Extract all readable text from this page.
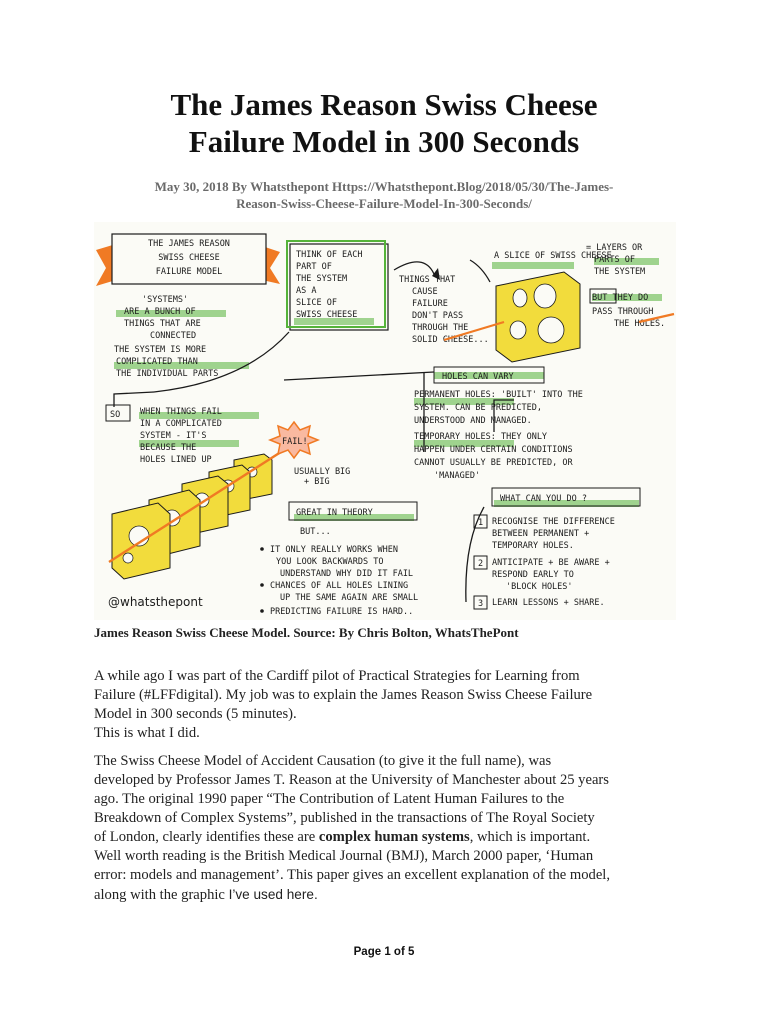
The James Reason Swiss Cheese
Failure Model in 300 Seconds
May 30, 2018 By Whatsthepont Https://Whatsthepont.Blog/2018/05/30/The-James-
Reason-Swiss-Cheese-Failure-Model-In-300-Seconds/
THE JAMES REASON
SWISS CHEESE
FAILURE MODEL
'SYSTEMS'
ARE A BUNCH OF
THINGS THAT ARE
CONNECTED
THE SYSTEM IS MORE
COMPLICATED THAN
THE INDIVIDUAL PARTS
THINK OF EACH
PART OF
THE SYSTEM
AS A
SLICE OF
SWISS CHEESE
THINGS THAT
CAUSE
FAILURE
DON'T PASS
THROUGH THE
SOLID CHEESE...
A SLICE OF SWISS CHEESE
= LAYERS OR
PARTS OF
THE SYSTEM
BUT THEY DO
PASS THROUGH
THE HOLES.
HOLES CAN VARY
PERMANENT HOLES: 'BUILT' INTO THE
SYSTEM. CAN BE PREDICTED,
UNDERSTOOD AND MANAGED.
TEMPORARY HOLES: THEY ONLY
HAPPEN UNDER CERTAIN CONDITIONS
CANNOT USUALLY BE PREDICTED, OR
'MANAGED'
SO WHEN THINGS FAIL
IN A COMPLICATED
SYSTEM - IT'S
BECAUSE THE
HOLES LINED UP
FAIL!
USUALLY BIG
+ BIG
GREAT IN THEORY
BUT...
IT ONLY REALLY WORKS WHEN
YOU LOOK BACKWARDS TO
UNDERSTAND WHY DID IT FAIL
CHANCES OF ALL HOLES LINING
UP THE SAME AGAIN ARE SMALL
PREDICTING FAILURE IS HARD..
WHAT CAN YOU DO ?
1 RECOGNISE THE DIFFERENCE
BETWEEN PERMANENT +
TEMPORARY HOLES.
2 ANTICIPATE + BE AWARE +
RESPOND EARLY TO
'BLOCK HOLES'
3 LEARN LESSONS + SHARE.
@whatsthepont
James Reason Swiss Cheese Model. Source: By Chris Bolton, WhatsThePont
A while ago I was part of the Cardiff pilot of Practical Strategies for Learning from
Failure (#LFFdigital). My job was to explain the James Reason Swiss Cheese Failure
Model in 300 seconds (5 minutes).
This is what I did.
The Swiss Cheese Model of Accident Causation (to give it the full name), was
developed by Professor James T. Reason at the University of Manchester about 25 years
ago. The original 1990 paper “The Contribution of Latent Human Failures to the
Breakdown of Complex Systems”, published in the transactions of The Royal Society
of London, clearly identifies these are complex human systems, which is important.
Well worth reading is the British Medical Journal (BMJ), March 2000 paper, ‘Human
error: models and management’. This paper gives an excellent explanation of the model,
along with the graphic I’ve used here.
Page 1 of 5
